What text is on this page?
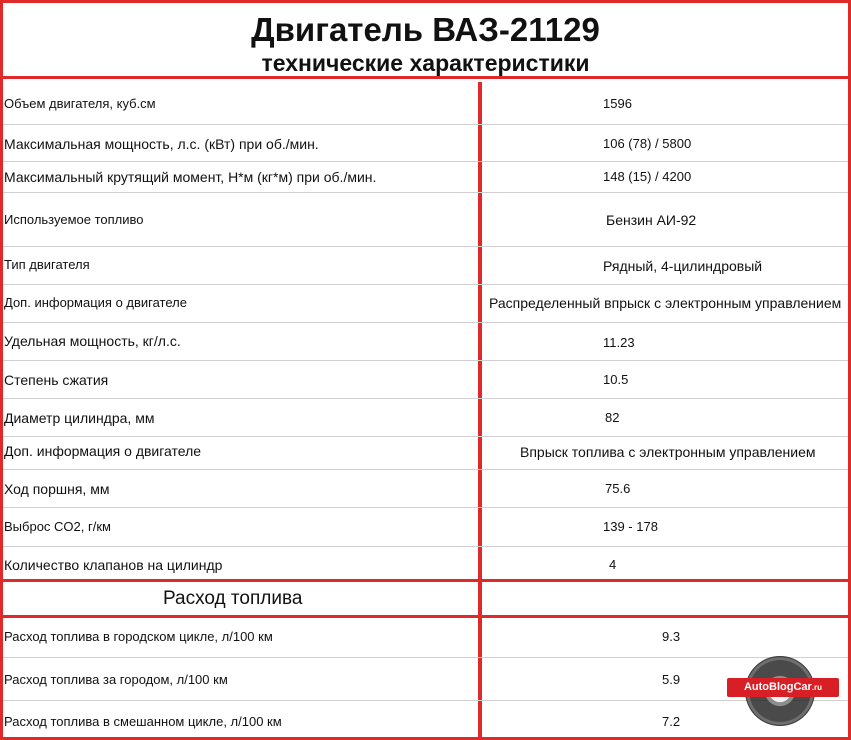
Двигатель ВАЗ-21129
технические характеристики
Объем двигателя, куб.см	1596
Максимальная мощность, л.с. (кВт) при об./мин.	106 (78) / 5800
Максимальный крутящий момент, Н*м (кг*м) при об./мин.	148 (15) / 4200
Используемое топливо	Бензин АИ-92
Тип двигателя	Рядный, 4-цилиндровый
Доп. информация о двигателе	Распределенный впрыск с электронным управлением
Удельная мощность, кг/л.с.	11.23
Степень сжатия	10.5
Диаметр цилиндра, мм	82
Доп. информация о двигателе	Впрыск топлива с электронным управлением
Ход поршня, мм	75.6
Выброс CO2, г/км	139 - 178
Количество клапанов на цилиндр	4
Расход топлива
Расход топлива в городском цикле, л/100 км	9.3
Расход топлива за городом, л/100 км	5.9
Расход топлива в смешанном цикле, л/100 км	7.2
AutoBlogCar.ru
